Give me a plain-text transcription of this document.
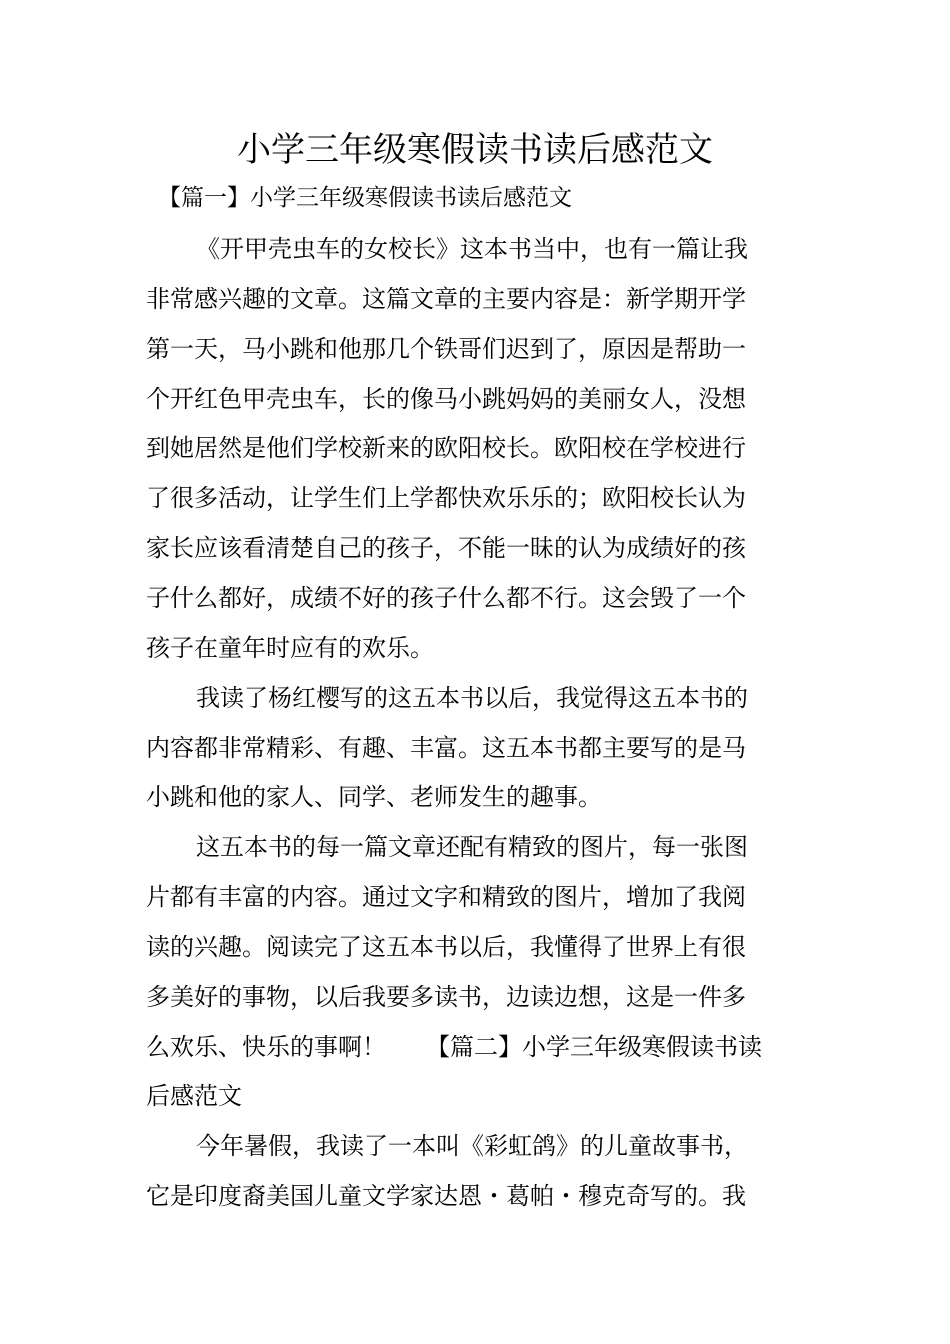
小学三年级寒假读书读后感范文

【篇一】小学三年级寒假读书读后感范文

《开甲壳虫车的女校长》这本书当中，也有一篇让我

非常感兴趣的文章。这篇文章的主要内容是：新学期开学

第一天，马小跳和他那几个铁哥们迟到了，原因是帮助一

个开红色甲壳虫车，长的像马小跳妈妈的美丽女人，没想

到她居然是他们学校新来的欧阳校长。欧阳校在学校进行

了很多活动，让学生们上学都快欢乐乐的；欧阳校长认为

家长应该看清楚自己的孩子，不能一昧的认为成绩好的孩

子什么都好，成绩不好的孩子什么都不行。这会毁了一个

孩子在童年时应有的欢乐。

我读了杨红樱写的这五本书以后，我觉得这五本书的

内容都非常精彩、有趣、丰富。这五本书都主要写的是马

小跳和他的家人、同学、老师发生的趣事。

这五本书的每一篇文章还配有精致的图片，每一张图

片都有丰富的内容。通过文字和精致的图片，增加了我阅

读的兴趣。阅读完了这五本书以后，我懂得了世界上有很

多美好的事物，以后我要多读书，边读边想，这是一件多

么欢乐、快乐的事啊！ 【篇二】小学三年级寒假读书读

后感范文

今年暑假，我读了一本叫《彩虹鸽》的儿童故事书，

它是印度裔美国儿童文学家达恩・葛帕・穆克奇写的。我
